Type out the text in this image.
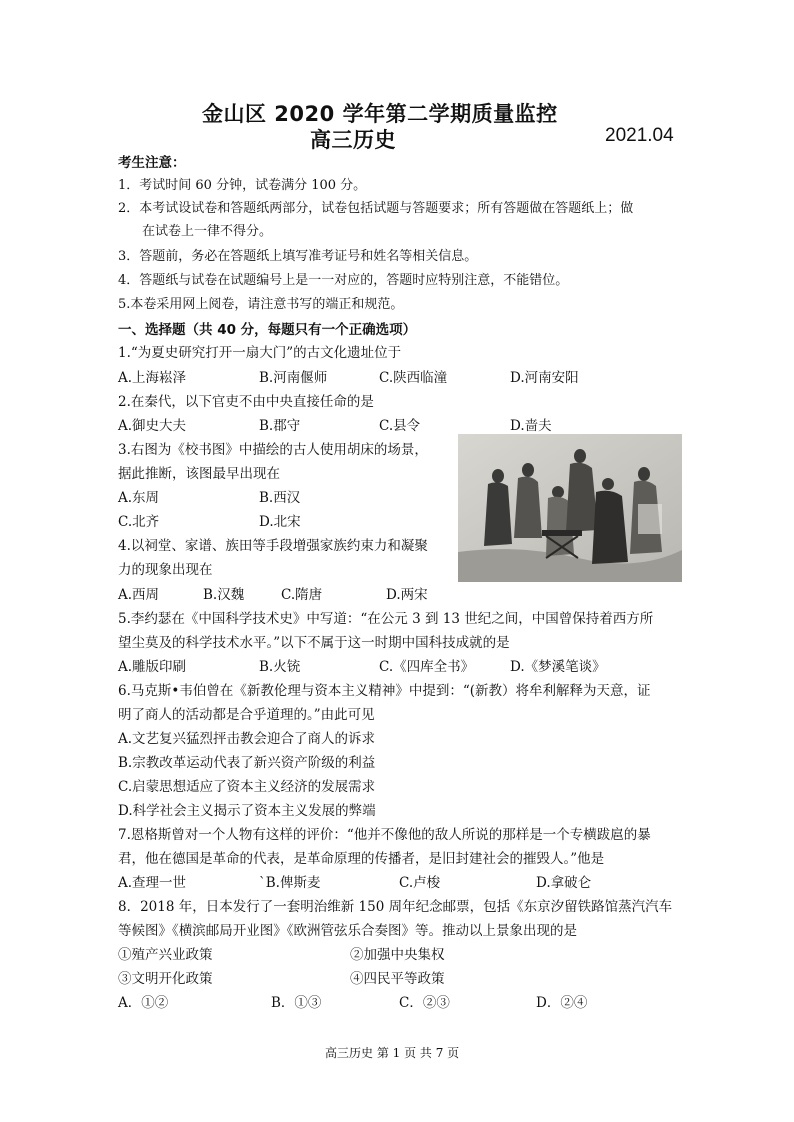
金山区 2020 学年第二学期质量监控
高三历史	2021.04
考生注意：
1．考试时间 60 分钟，试卷满分 100 分。
2．本考试设试卷和答题纸两部分，试卷包括试题与答题要求；所有答题做在答题纸上；做
在试卷上一律不得分。
3．答题前，务必在答题纸上填写准考证号和姓名等相关信息。
4．答题纸与试卷在试题编号上是一一对应的，答题时应特别注意，不能错位。
5.本卷采用网上阅卷，请注意书写的端正和规范。
一、选择题（共 40 分，每题只有一个正确选项）
1.“为夏史研究打开一扇大门”的古文化遗址位于
A.上海崧泽	B.河南偃师	C.陕西临潼	D.河南安阳
2.在秦代，以下官吏不由中央直接任命的是
A.御史大夫	B.郡守	C.县令	D.啬夫
3.右图为《校书图》中描绘的古人使用胡床的场景，
据此推断，该图最早出现在
A.东周	B.西汉
C.北齐	D.北宋
4.以祠堂、家谱、族田等手段增强家族约束力和凝聚
力的现象出现在
A.西周	B.汉魏	C.隋唐	D.两宋
5.李约瑟在《中国科学技术史》中写道：“在公元 3 到 13 世纪之间，中国曾保持着西方所
望尘莫及的科学技术水平。”以下不属于这一时期中国科技成就的是
A.雕版印刷	B.火铳	C.《四库全书》	D.《梦溪笔谈》
6.马克斯•韦伯曾在《新教伦理与资本主义精神》中提到：“(新教）将牟利解释为天意，证
明了商人的活动都是合乎道理的。”由此可见
A.文艺复兴猛烈抨击教会迎合了商人的诉求
B.宗教改革运动代表了新兴资产阶级的利益
C.启蒙思想适应了资本主义经济的发展需求
D.科学社会主义揭示了资本主义发展的弊端
7.恩格斯曾对一个人物有这样的评价：“他并不像他的敌人所说的那样是一个专横跋扈的暴
君，他在德国是革命的代表，是革命原理的传播者，是旧封建社会的摧毁人。”他是
A.查理一世	`B.俾斯麦	C.卢梭	D.拿破仑
8．2018 年，日本发行了一套明治维新 150 周年纪念邮票，包括《东京汐留铁路馆蒸汽汽车
等候图》《横滨邮局开业图》《欧洲管弦乐合奏图》等。推动以上景象出现的是
①殖产兴业政策	②加强中央集权
③文明开化政策	④四民平等政策
A．①②	B．①③	C．②③	D．②④
高三历史 第 1 页 共 7 页
